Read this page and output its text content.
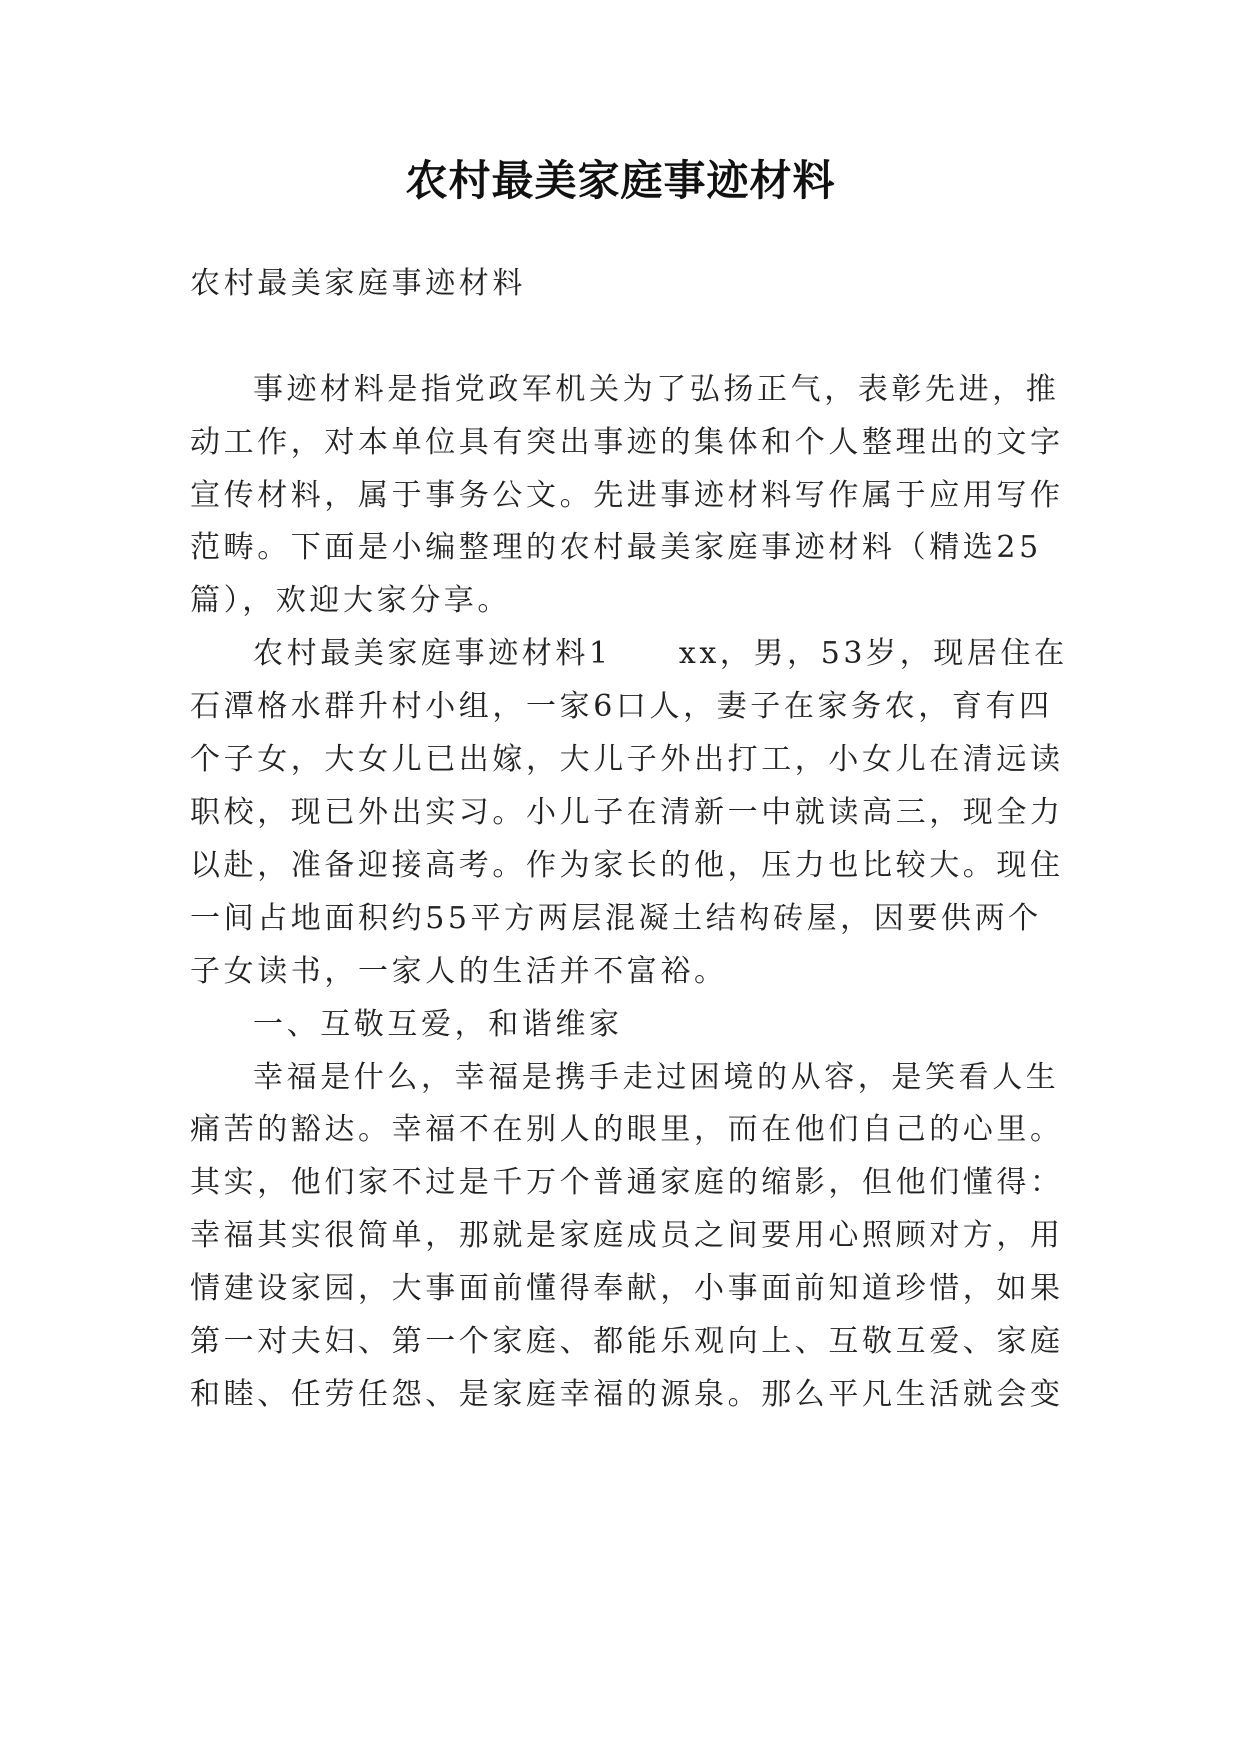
农村最美家庭事迹材料
农村最美家庭事迹材料
事迹材料是指党政军机关为了弘扬正气，表彰先进，推
动工作，对本单位具有突出事迹的集体和个人整理出的文字
宣传材料，属于事务公文。先进事迹材料写作属于应用写作
范畴。下面是小编整理的农村最美家庭事迹材料（精选25
篇），欢迎大家分享。
农村最美家庭事迹材料1　　xx，男，53岁，现居住在
石潭格水群升村小组，一家6口人，妻子在家务农，育有四
个子女，大女儿已出嫁，大儿子外出打工，小女儿在清远读
职校，现已外出实习。小儿子在清新一中就读高三，现全力
以赴，准备迎接高考。作为家长的他，压力也比较大。现住
一间占地面积约55平方两层混凝土结构砖屋，因要供两个
子女读书，一家人的生活并不富裕。
一、互敬互爱，和谐维家
幸福是什么，幸福是携手走过困境的从容，是笑看人生
痛苦的豁达。幸福不在别人的眼里，而在他们自己的心里。
其实，他们家不过是千万个普通家庭的缩影，但他们懂得：
幸福其实很简单，那就是家庭成员之间要用心照顾对方，用
情建设家园，大事面前懂得奉献，小事面前知道珍惜，如果
第一对夫妇、第一个家庭、都能乐观向上、互敬互爱、家庭
和睦、任劳任怨、是家庭幸福的源泉。那么平凡生活就会变
